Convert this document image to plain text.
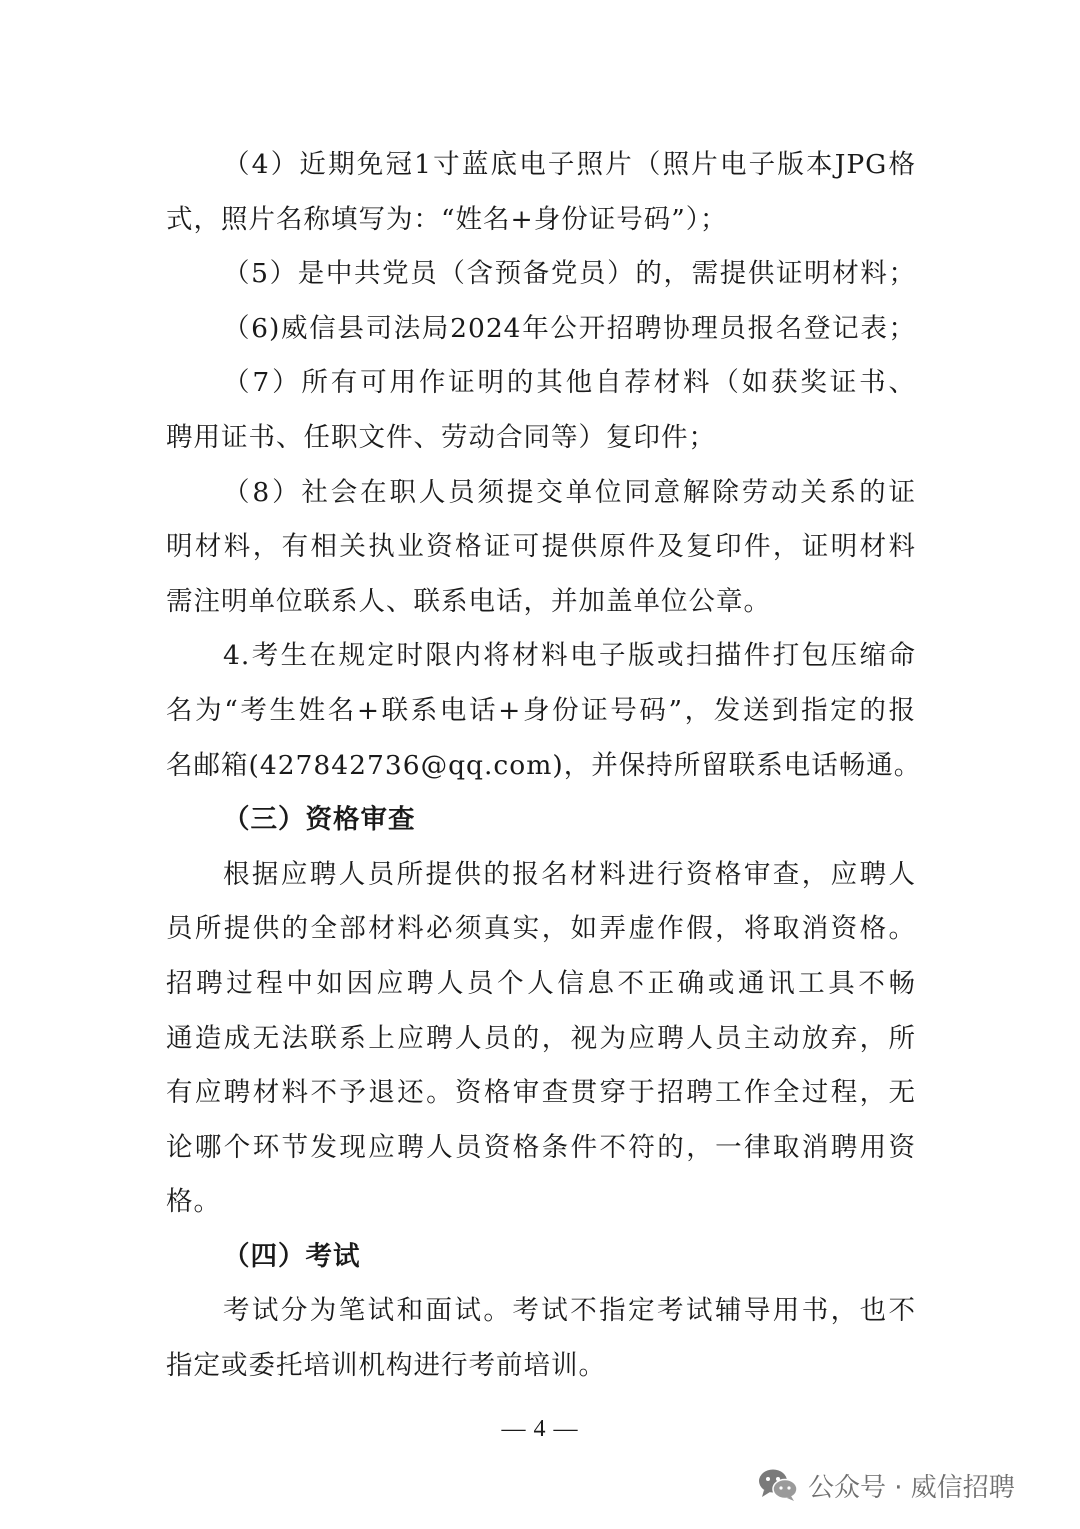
（4）近期免冠1寸蓝底电子照片（照片电子版本JPG格
式，照片名称填写为：“姓名+身份证号码”）；
（5）是中共党员（含预备党员）的，需提供证明材料；
（6)威信县司法局2024年公开招聘协理员报名登记表；
（7）所有可用作证明的其他自荐材料（如获奖证书、
聘用证书、任职文件、劳动合同等）复印件；
（8）社会在职人员须提交单位同意解除劳动关系的证
明材料，有相关执业资格证可提供原件及复印件，证明材料
需注明单位联系人、联系电话，并加盖单位公章。
4.考生在规定时限内将材料电子版或扫描件打包压缩命
名为“考生姓名+联系电话+身份证号码”，发送到指定的报
名邮箱(427842736@qq.com)，并保持所留联系电话畅通。
（三）资格审查
根据应聘人员所提供的报名材料进行资格审查，应聘人
员所提供的全部材料必须真实，如弄虚作假，将取消资格。
招聘过程中如因应聘人员个人信息不正确或通讯工具不畅
通造成无法联系上应聘人员的，视为应聘人员主动放弃，所
有应聘材料不予退还。资格审查贯穿于招聘工作全过程，无
论哪个环节发现应聘人员资格条件不符的，一律取消聘用资
格。
（四）考试
考试分为笔试和面试。考试不指定考试辅导用书，也不
指定或委托培训机构进行考前培训。
— 4 —
公众号 · 威信招聘
